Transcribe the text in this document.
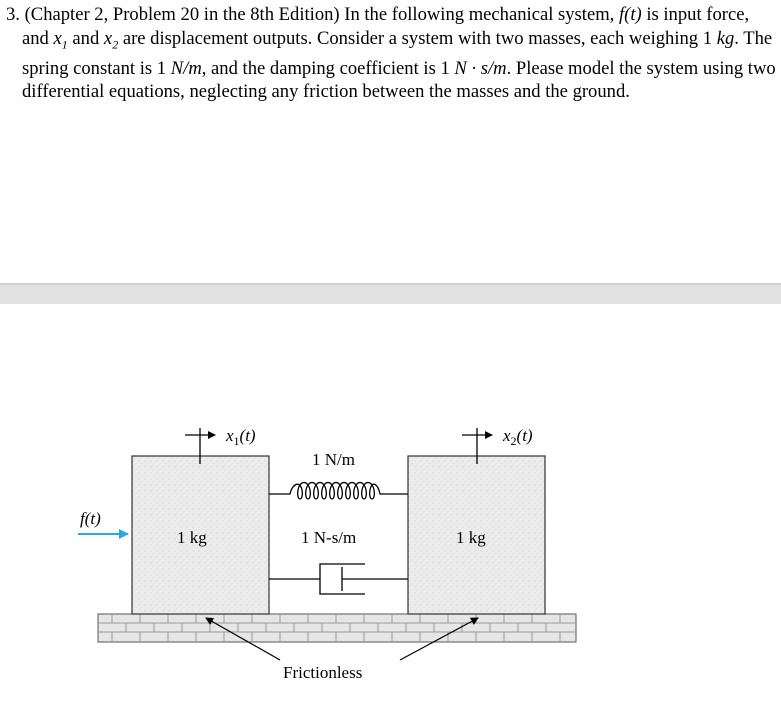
3. (Chapter 2, Problem 20 in the 8th Edition) In the following mechanical system, f(t) is input force, and $x_1$ and $x_2$ are displacement outputs. Consider a system with two masses, each weighing 1 kg. The spring constant is 1 N/m, and the damping coefficient is 1 N · s/m. Please model the system using two differential equations, neglecting any friction between the masses and the ground.

$x_1(t)$	$x_2(t)$
f(t)
1 kg	1 kg
1 N/m
1 N-s/m
Frictionless
